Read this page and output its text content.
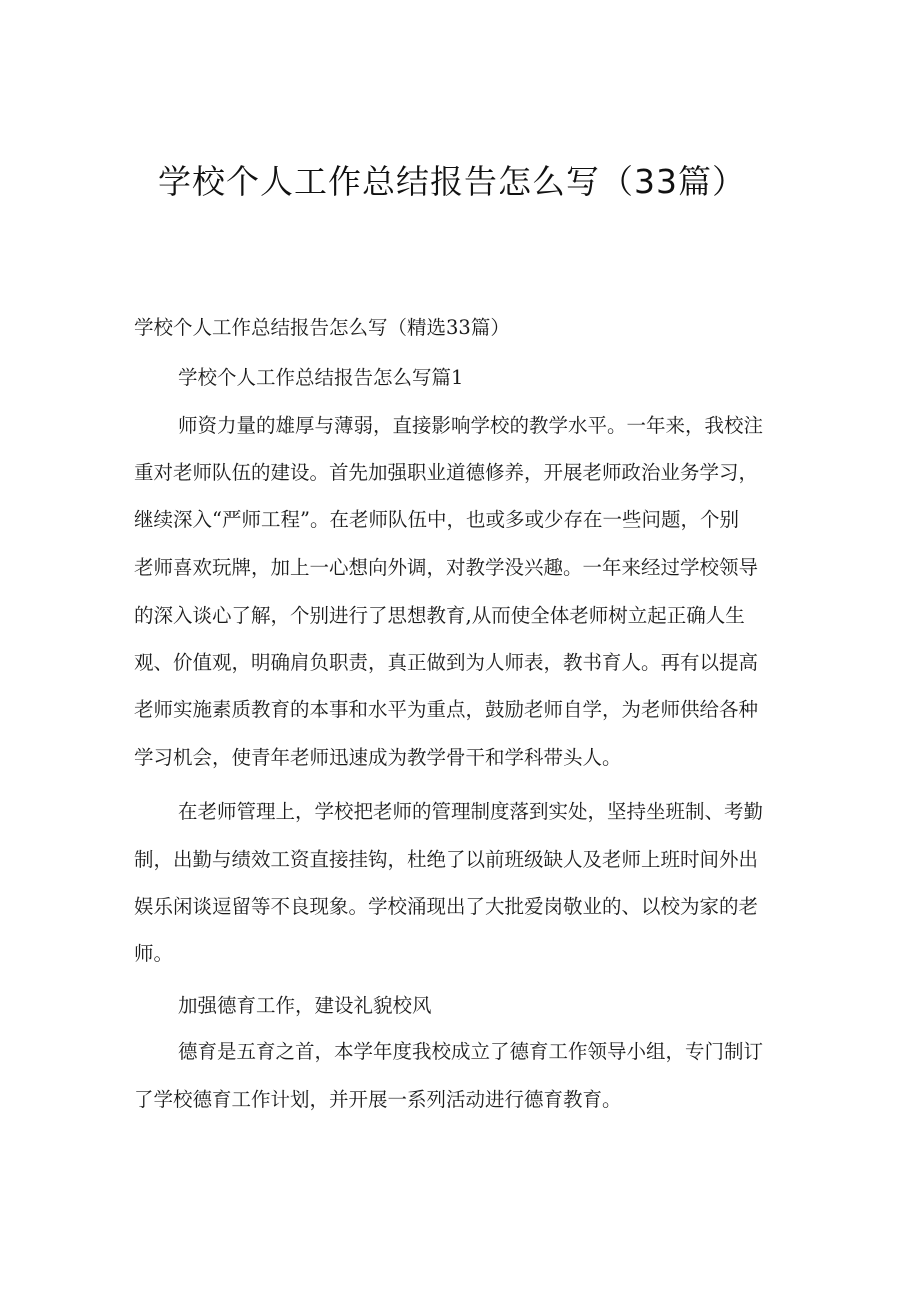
学校个人工作总结报告怎么写（33篇）

学校个人工作总结报告怎么写（精选33篇）

学校个人工作总结报告怎么写篇1

师资力量的雄厚与薄弱，直接影响学校的教学水平。一年来，我校注

重对老师队伍的建设。首先加强职业道德修养，开展老师政治业务学习，

继续深入“严师工程”。在老师队伍中，也或多或少存在一些问题，个别

老师喜欢玩牌，加上一心想向外调，对教学没兴趣。一年来经过学校领导

的深入谈心了解，个别进行了思想教育,从而使全体老师树立起正确人生

观、价值观，明确肩负职责，真正做到为人师表，教书育人。再有以提高

老师实施素质教育的本事和水平为重点，鼓励老师自学，为老师供给各种

学习机会，使青年老师迅速成为教学骨干和学科带头人。

在老师管理上，学校把老师的管理制度落到实处，坚持坐班制、考勤

制，出勤与绩效工资直接挂钩，杜绝了以前班级缺人及老师上班时间外出

娱乐闲谈逗留等不良现象。学校涌现出了大批爱岗敬业的、以校为家的老

师。

加强德育工作，建设礼貌校风

德育是五育之首，本学年度我校成立了德育工作领导小组，专门制订

了学校德育工作计划，并开展一系列活动进行德育教育。
